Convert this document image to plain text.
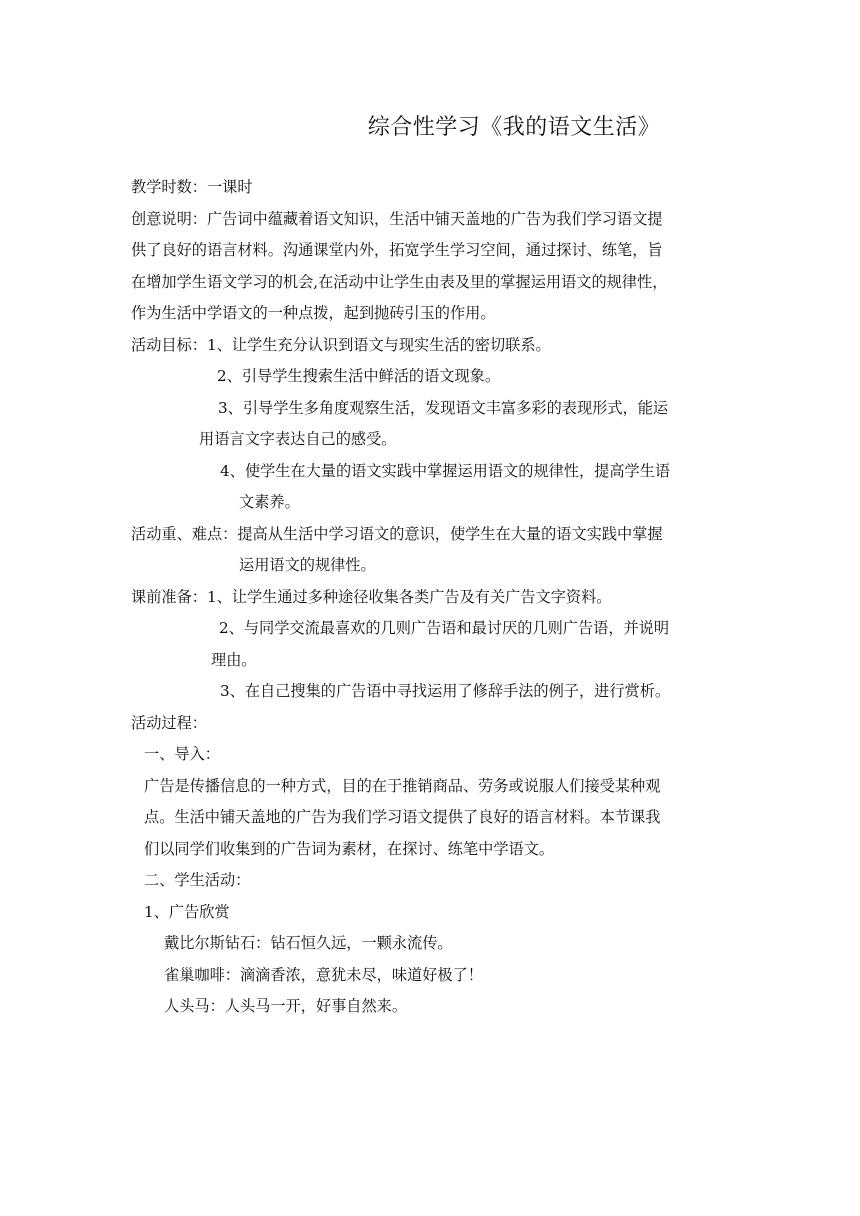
综合性学习《我的语文生活》

教学时数：一课时

创意说明：广告词中蕴藏着语文知识，生活中铺天盖地的广告为我们学习语文提

供了良好的语言材料。沟通课堂内外，拓宽学生学习空间，通过探讨、练笔，旨

在增加学生语文学习的机会,在活动中让学生由表及里的掌握运用语文的规律性，

作为生活中学语文的一种点拨，起到抛砖引玉的作用。

活动目标：1、让学生充分认识到语文与现实生活的密切联系。

2、引导学生搜索生活中鲜活的语文现象。

3、引导学生多角度观察生活，发现语文丰富多彩的表现形式，能运

用语言文字表达自己的感受。

4、使学生在大量的语文实践中掌握运用语文的规律性，提高学生语

文素养。

活动重、难点：提高从生活中学习语文的意识，使学生在大量的语文实践中掌握

运用语文的规律性。

课前准备：1、让学生通过多种途径收集各类广告及有关广告文字资料。

2、与同学交流最喜欢的几则广告语和最讨厌的几则广告语，并说明

理由。

3、在自己搜集的广告语中寻找运用了修辞手法的例子，进行赏析。

活动过程：

一、导入：

广告是传播信息的一种方式，目的在于推销商品、劳务或说服人们接受某种观

点。生活中铺天盖地的广告为我们学习语文提供了良好的语言材料。本节课我

们以同学们收集到的广告词为素材，在探讨、练笔中学语文。

二、学生活动：

1、广告欣赏

戴比尔斯钻石：钻石恒久远，一颗永流传。

雀巢咖啡：滴滴香浓，意犹未尽，味道好极了！

人头马：人头马一开，好事自然来。
